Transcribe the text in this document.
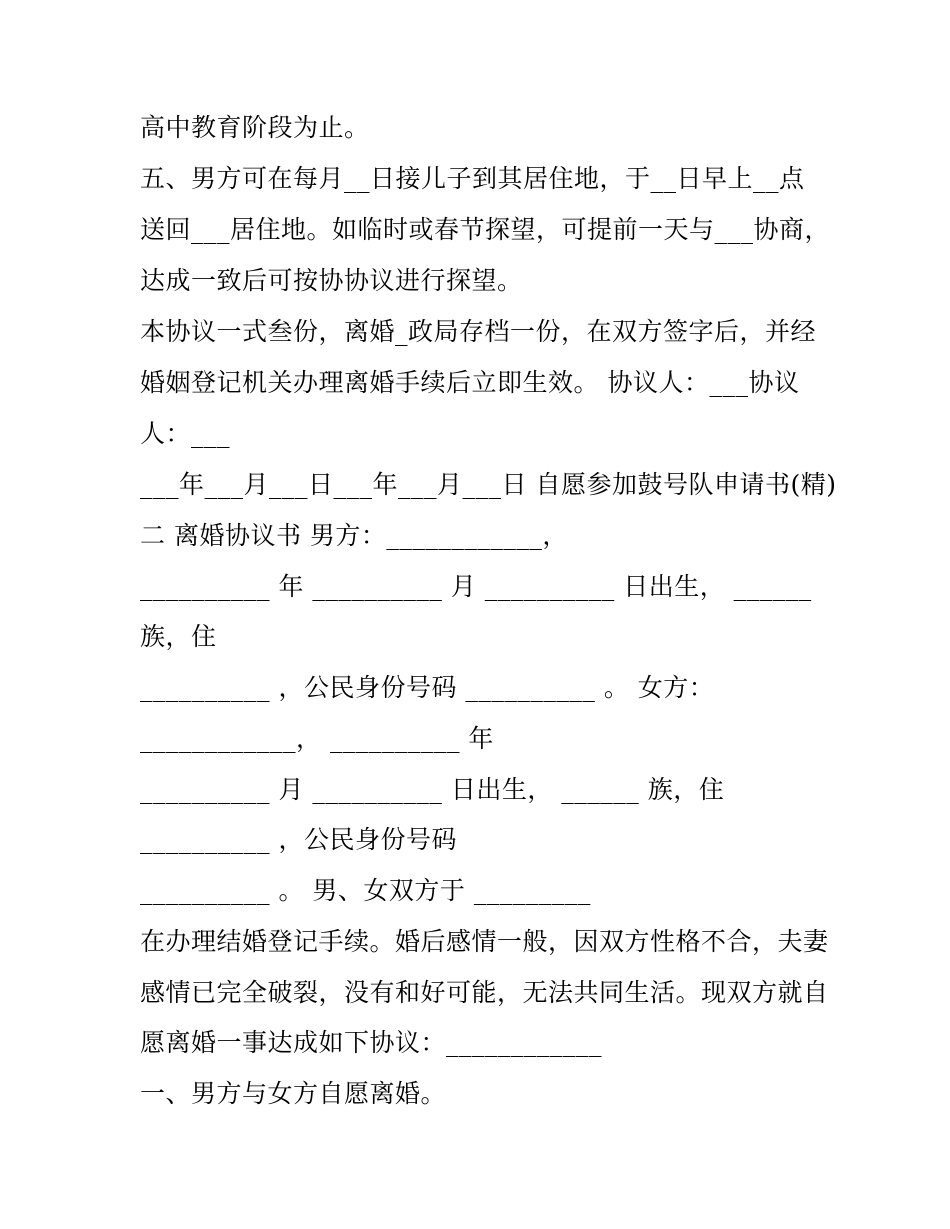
高中教育阶段为止。
五、男方可在每月__日接儿子到其居住地，于__日早上__点
送回___居住地。如临时或春节探望，可提前一天与___协商，
达成一致后可按协协议进行探望。
本协议一式叁份，离婚_政局存档一份，在双方签字后，并经
婚姻登记机关办理离婚手续后立即生效。 协议人：___协议
人：___
___年___月___日___年___月___日 自愿参加鼓号队申请书(精)
二 离婚协议书 男方：____________，
__________ 年 __________ 月 __________ 日出生， ______
族，住
__________ ，公民身份号码 __________ 。 女方：
____________， __________ 年
__________ 月 __________ 日出生， ______ 族，住
__________ ，公民身份号码
__________ 。 男、女双方于 _________
在办理结婚登记手续。婚后感情一般，因双方性格不合，夫妻
感情已完全破裂，没有和好可能，无法共同生活。现双方就自
愿离婚一事达成如下协议：____________
一、男方与女方自愿离婚。
